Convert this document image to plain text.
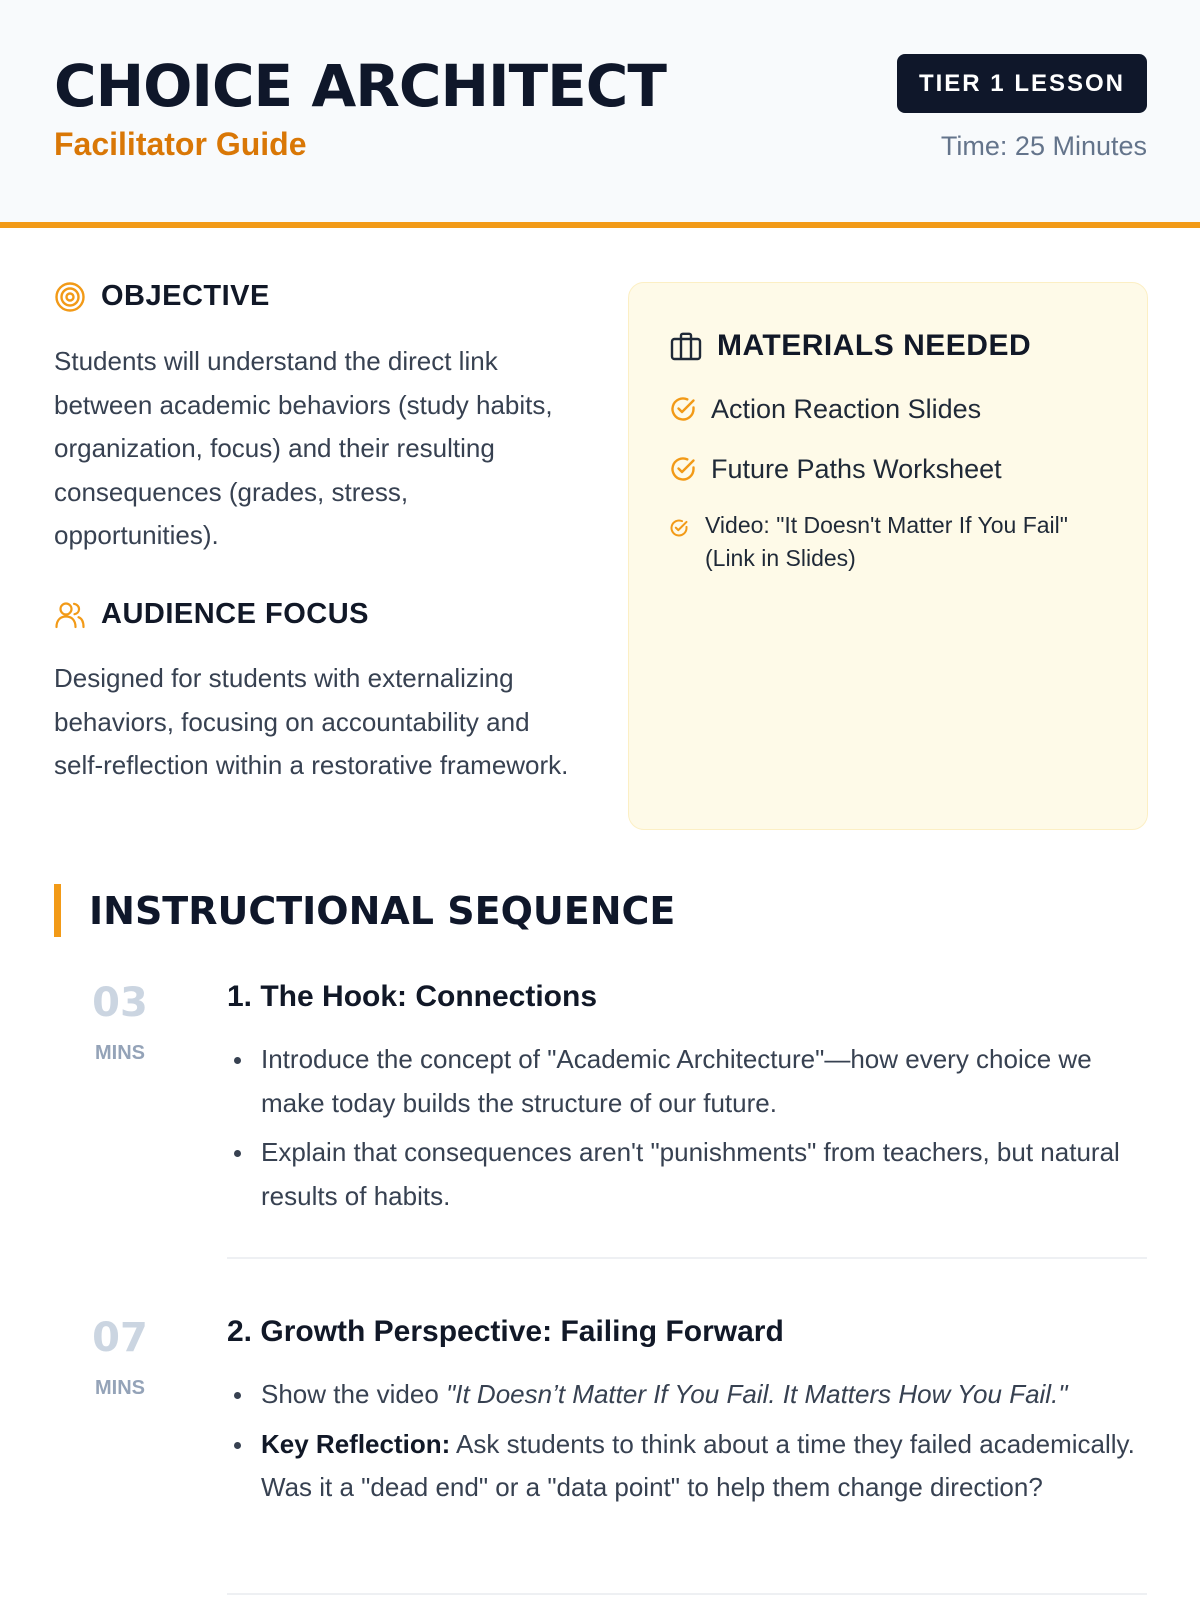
CHOICE ARCHITECT
Facilitator Guide
TIER 1 LESSON
Time: 25 Minutes
OBJECTIVE
Students will understand the direct link between academic behaviors (study habits, organization, focus) and their resulting consequences (grades, stress, opportunities).
AUDIENCE FOCUS
Designed for students with externalizing behaviors, focusing on accountability and self-reflection within a restorative framework.
MATERIALS NEEDED
Action Reaction Slides
Future Paths Worksheet
Video: "It Doesn't Matter If You Fail" (Link in Slides)
INSTRUCTIONAL SEQUENCE
03
MINS
1. The Hook: Connections
Introduce the concept of "Academic Architecture"—how every choice we make today builds the structure of our future.
Explain that consequences aren't "punishments" from teachers, but natural results of habits.
07
MINS
2. Growth Perspective: Failing Forward
Show the video "It Doesn’t Matter If You Fail. It Matters How You Fail."
Key Reflection: Ask students to think about a time they failed academically. Was it a "dead end" or a "data point" to help them change direction?
